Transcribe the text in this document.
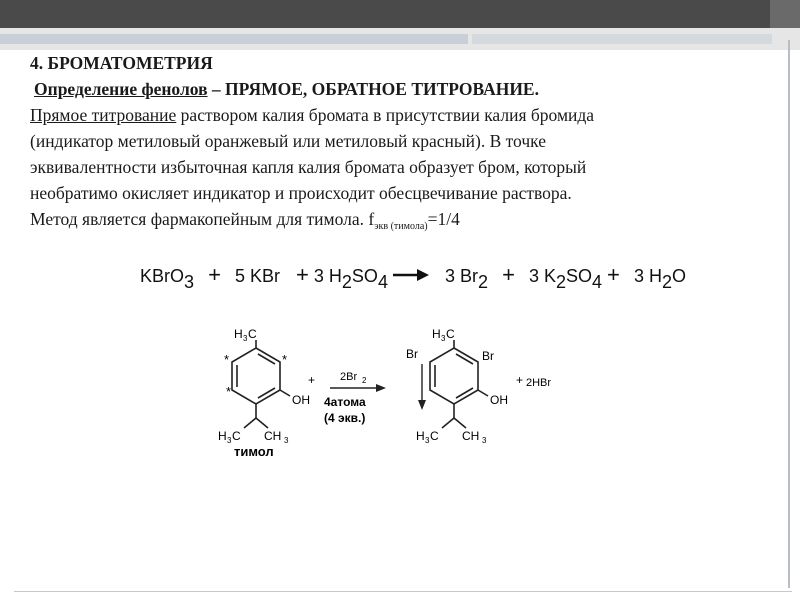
4. БРОМАТОМЕТРИЯ
Определение фенолов – ПРЯМОЕ, ОБРАТНОЕ ТИТРОВАНИЕ.
Прямое титрование раствором калия бромата в присутствии калия бромида
(индикатор метиловый оранжевый или метиловый красный). В точке
эквивалентности избыточная капля калия бромата образует бром, который
необратимо окисляет индикатор и происходит обесцвечивание раствора.
Метод является фармакопейным для тимола. $f_{экв (тимола)}=1/4$
KBrO3 + 5 KBr + 3 H2SO4 → 3 Br2 + 3 K2SO4 + 3 H2O
H 3 C
*	*
*
OH
H 3 C CH 3
тимол
+ 2Br 2
4атома
(4 экв.)
H 3 C
Br	Br
OH
H 3 C CH 3
+ 2HBr
